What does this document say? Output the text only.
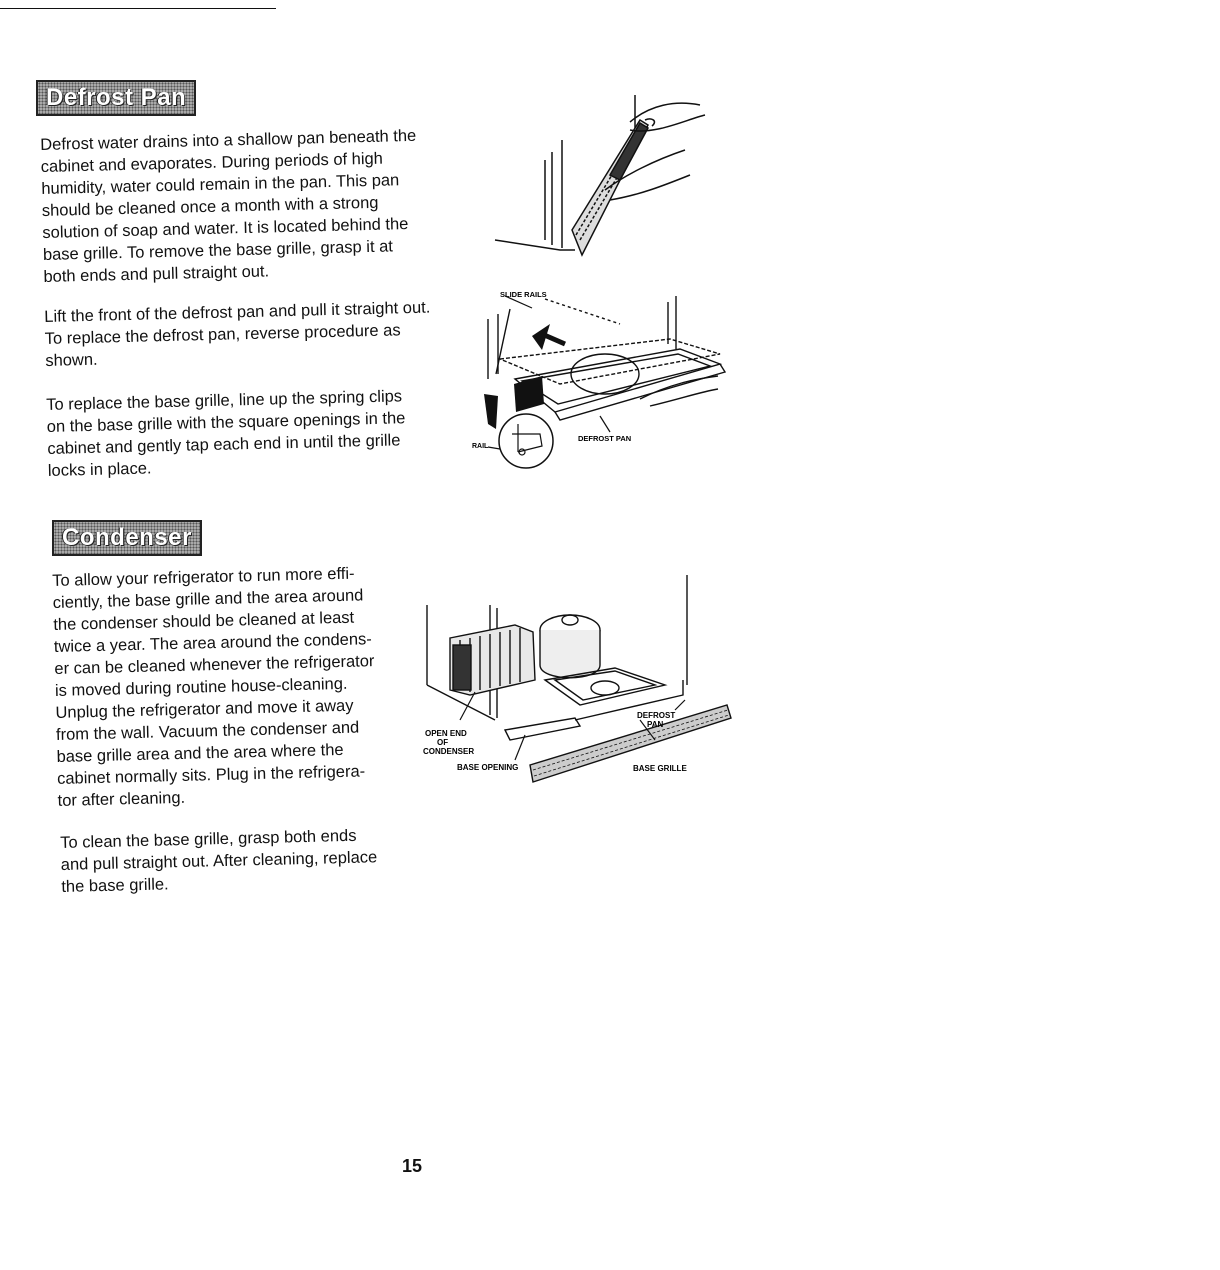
Defrost Pan

Defrost water drains into a shallow pan beneath the
cabinet and evaporates. During periods of high
humidity, water could remain in the pan. This pan
should be cleaned once a month with a strong
solution of soap and water. It is located behind the
base grille. To remove the base grille, grasp it at
both ends and pull straight out.

Lift the front of the defrost pan and pull it straight out.
To replace the defrost pan, reverse procedure as
shown.

To replace the base grille, line up the spring clips
on the base grille with the square openings in the
cabinet and gently tap each end in until the grille
locks in place.

SLIDE RAILS
RAIL
DEFROST PAN
Condenser

To allow your refrigerator to run more effi-
ciently, the base grille and the area around
the condenser should be cleaned at least
twice a year. The area around the condens-
er can be cleaned whenever the refrigerator
is moved during routine house-cleaning.
Unplug the refrigerator and move it away
from the wall. Vacuum the condenser and
base grille area and the area where the
cabinet normally sits. Plug in the refrigera-
tor after cleaning.

To clean the base grille, grasp both ends
and pull straight out. After cleaning, replace
the base grille.

OPEN END
OF
CONDENSER
BASE OPENING
DEFROST
PAN
BASE GRILLE
15
